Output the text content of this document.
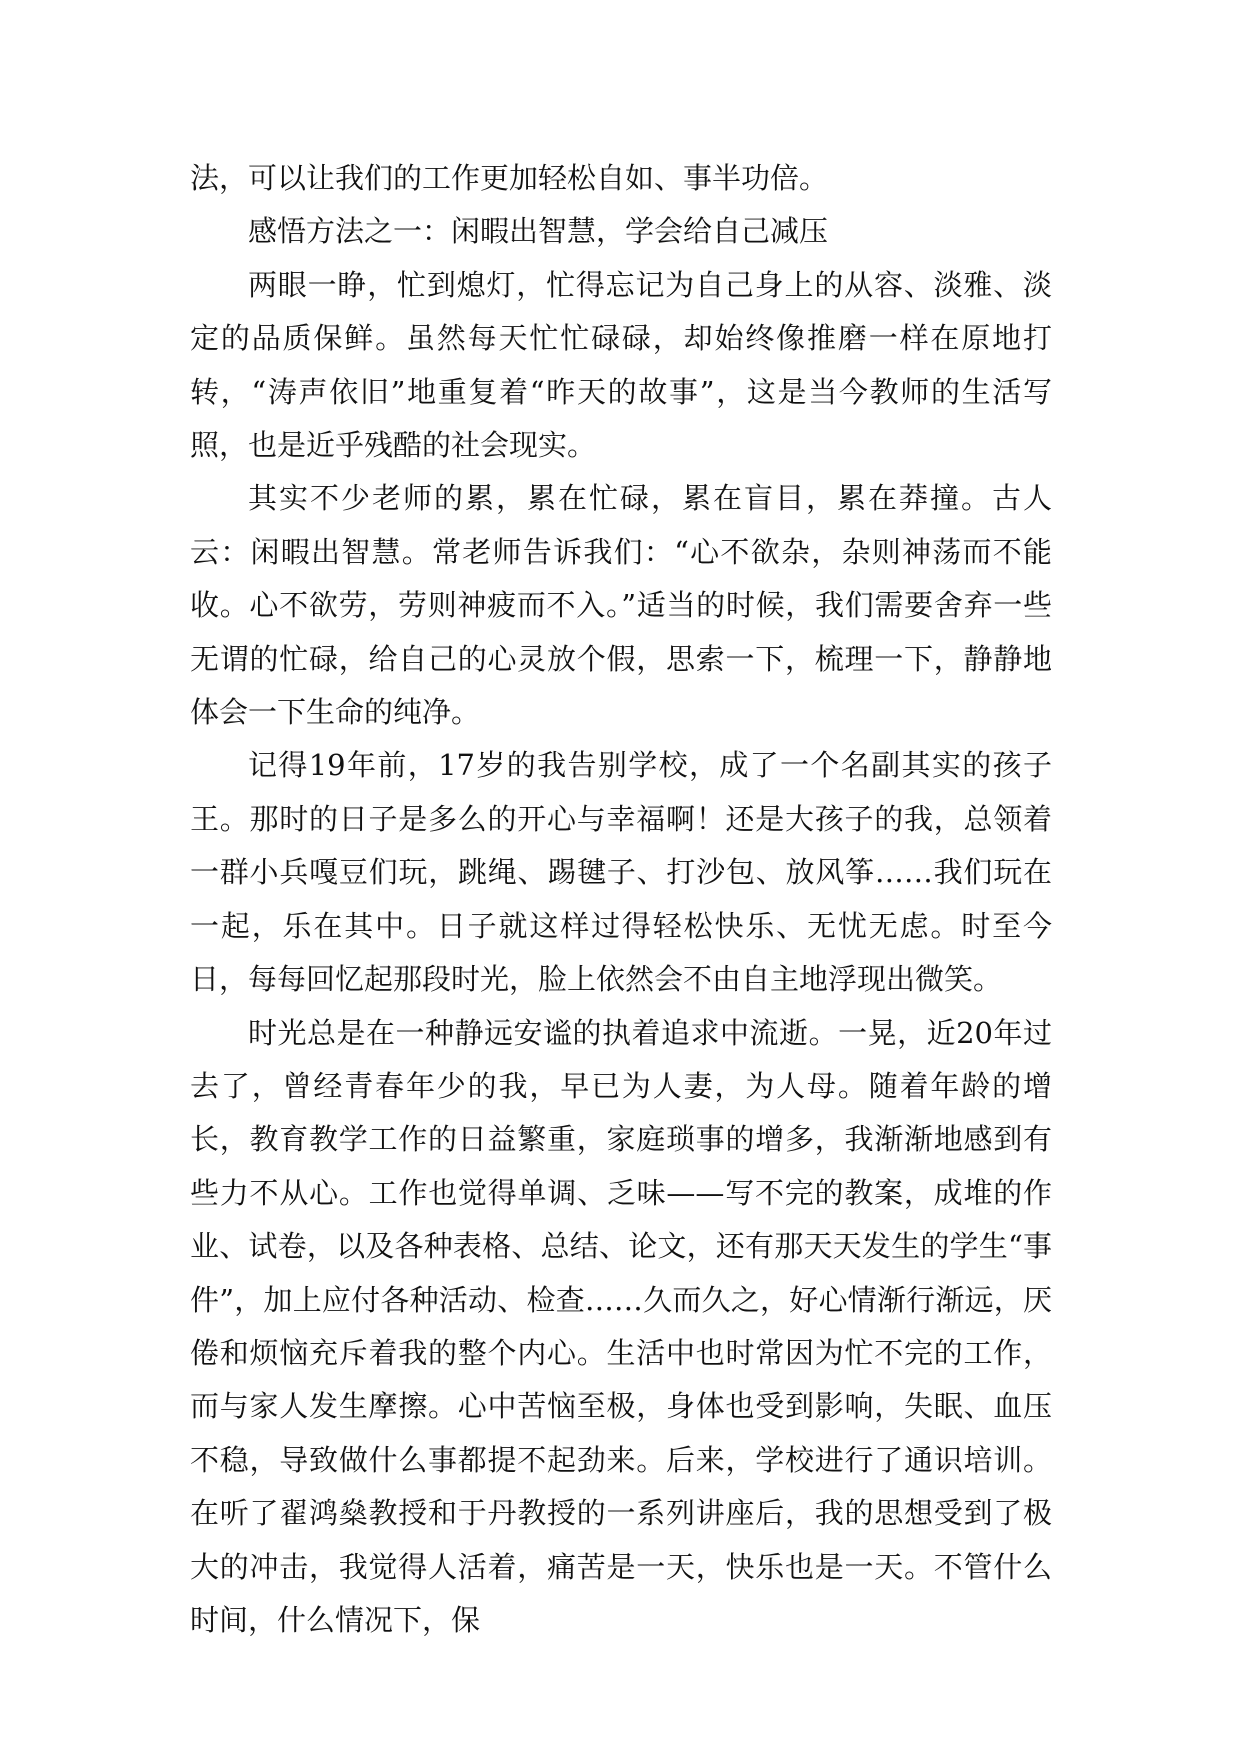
法，可以让我们的工作更加轻松自如、事半功倍。

感悟方法之一：闲暇出智慧，学会给自己减压

两眼一睁，忙到熄灯，忙得忘记为自己身上的从容、淡雅、淡定的品质保鲜。虽然每天忙忙碌碌，却始终像推磨一样在原地打转，“涛声依旧”地重复着“昨天的故事”，这是当今教师的生活写照，也是近乎残酷的社会现实。

其实不少老师的累，累在忙碌，累在盲目，累在莽撞。古人云：闲暇出智慧。常老师告诉我们：“心不欲杂，杂则神荡而不能收。心不欲劳，劳则神疲而不入。”适当的时候，我们需要舍弃一些无谓的忙碌，给自己的心灵放个假，思索一下，梳理一下，静静地体会一下生命的纯净。

记得19年前，17岁的我告别学校，成了一个名副其实的孩子王。那时的日子是多么的开心与幸福啊！还是大孩子的我，总领着一群小兵嘎豆们玩，跳绳、踢毽子、打沙包、放风筝……我们玩在一起，乐在其中。日子就这样过得轻松快乐、无忧无虑。时至今日，每每回忆起那段时光，脸上依然会不由自主地浮现出微笑。

时光总是在一种静远安谧的执着追求中流逝。一晃，近20年过去了，曾经青春年少的我，早已为人妻，为人母。随着年龄的增长，教育教学工作的日益繁重，家庭琐事的增多，我渐渐地感到有些力不从心。工作也觉得单调、乏味——写不完的教案，成堆的作业、试卷，以及各种表格、总结、论文，还有那天天发生的学生“事件”，加上应付各种活动、检查……久而久之，好心情渐行渐远，厌倦和烦恼充斥着我的整个内心。生活中也时常因为忙不完的工作，而与家人发生摩擦。心中苦恼至极，身体也受到影响，失眠、血压不稳，导致做什么事都提不起劲来。后来，学校进行了通识培训。在听了翟鸿燊教授和于丹教授的一系列讲座后，我的思想受到了极大的冲击，我觉得人活着，痛苦是一天，快乐也是一天。不管什么时间，什么情况下，保
